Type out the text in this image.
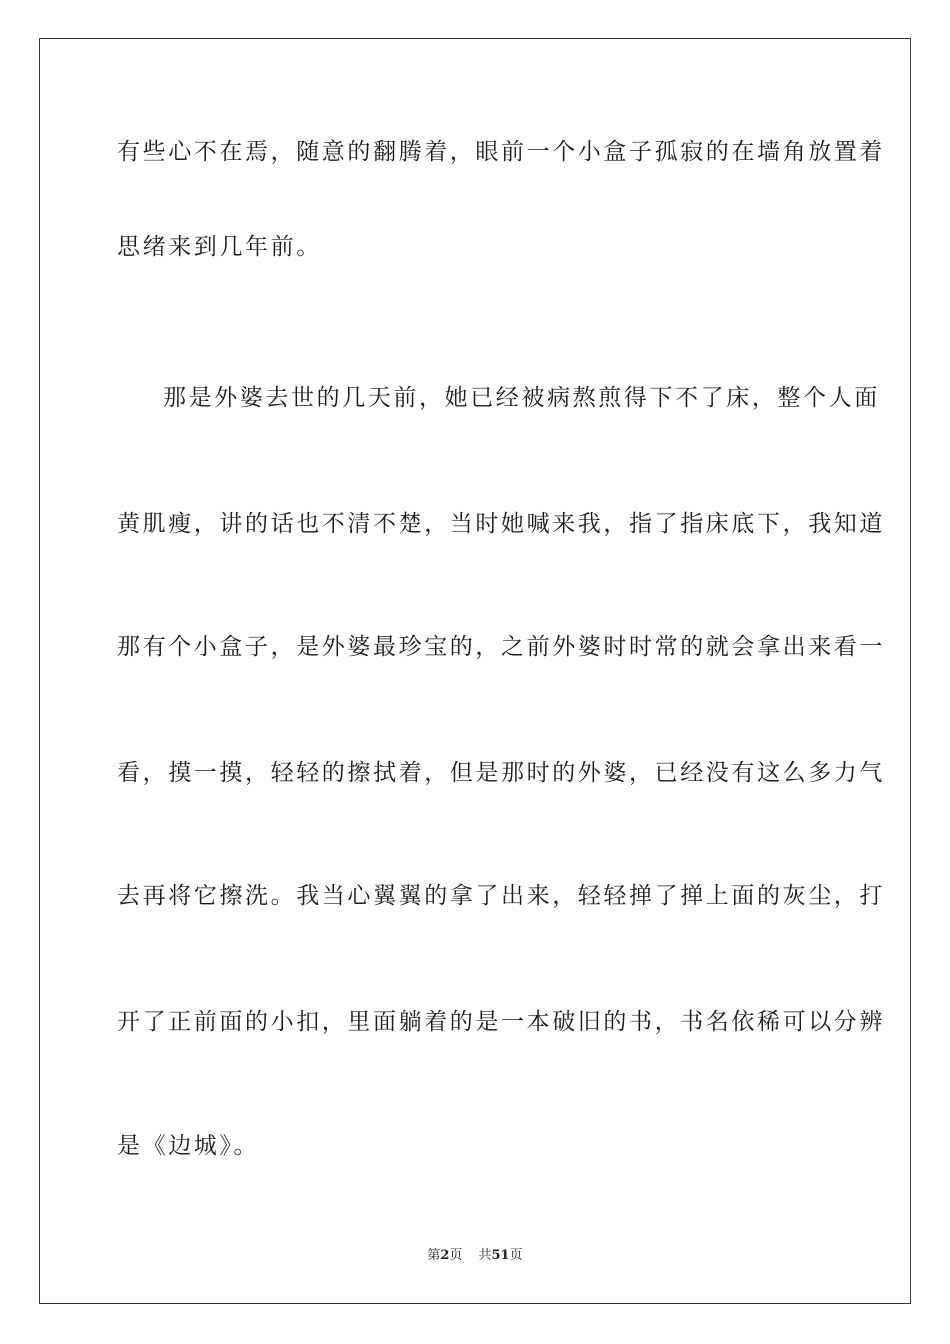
有些心不在焉，随意的翻腾着，眼前一个小盒子孤寂的在墙角放置着
思绪来到几年前。
那是外婆去世的几天前，她已经被病熬煎得下不了床，整个人面
黄肌瘦，讲的话也不清不楚，当时她喊来我，指了指床底下，我知道
那有个小盒子，是外婆最珍宝的，之前外婆时时常的就会拿出来看一
看，摸一摸，轻轻的擦拭着，但是那时的外婆，已经没有这么多力气
去再将它擦洗。我当心翼翼的拿了出来，轻轻掸了掸上面的灰尘，打
开了正前面的小扣，里面躺着的是一本破旧的书，书名依稀可以分辨
是《边城》。
第2页 共51页
